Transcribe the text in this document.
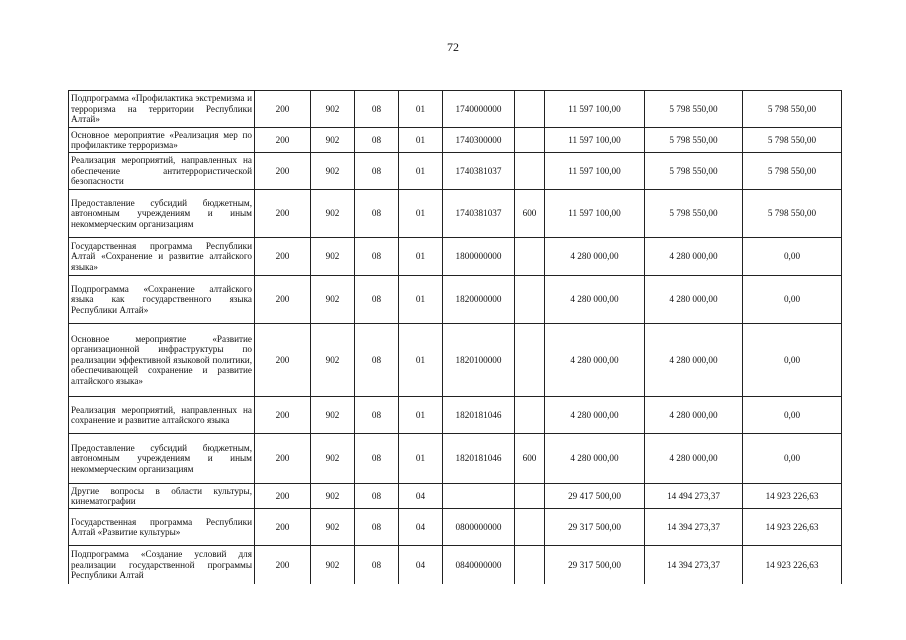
72
Подпрограмма «Профилактика экстремизма и терроризма на территории Республики Алтай»	200	902	08	01	1740000000		11 597 100,00	5 798 550,00	5 798 550,00
Основное мероприятие «Реализация мер по профилактике терроризма»	200	902	08	01	1740300000		11 597 100,00	5 798 550,00	5 798 550,00
Реализация мероприятий, направленных на обеспечение антитеррористической безопасности	200	902	08	01	1740381037		11 597 100,00	5 798 550,00	5 798 550,00
Предоставление субсидий бюджетным, автономным учреждениям и иным некоммерческим организациям	200	902	08	01	1740381037	600	11 597 100,00	5 798 550,00	5 798 550,00
Государственная программа Республики Алтай «Сохранение и развитие алтайского языка»	200	902	08	01	1800000000		4 280 000,00	4 280 000,00	0,00
Подпрограмма «Сохранение алтайского языка как государственного языка Республики Алтай»	200	902	08	01	1820000000		4 280 000,00	4 280 000,00	0,00
Основное мероприятие «Развитие организационной инфраструктуры по реализации эффективной языковой политики, обеспечивающей сохранение и развитие алтайского языка»	200	902	08	01	1820100000		4 280 000,00	4 280 000,00	0,00
Реализация мероприятий, направленных на сохранение и развитие алтайского языка	200	902	08	01	1820181046		4 280 000,00	4 280 000,00	0,00
Предоставление субсидий бюджетным, автономным учреждениям и иным некоммерческим организациям	200	902	08	01	1820181046	600	4 280 000,00	4 280 000,00	0,00
Другие вопросы в области культуры, кинематографии	200	902	08	04			29 417 500,00	14 494 273,37	14 923 226,63
Государственная программа Республики Алтай «Развитие культуры»	200	902	08	04	0800000000		29 317 500,00	14 394 273,37	14 923 226,63
Подпрограмма «Создание условий для реализации государственной программы Республики Алтай	200	902	08	04	0840000000		29 317 500,00	14 394 273,37	14 923 226,63
